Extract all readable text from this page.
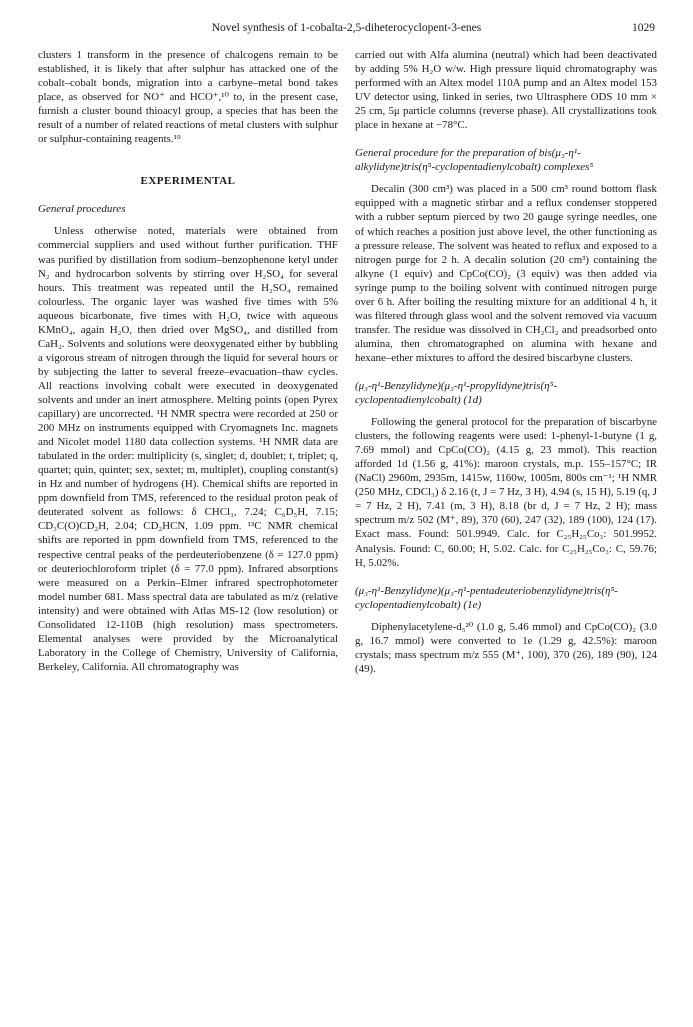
Novel synthesis of 1-cobalta-2,5-diheterocyclopent-3-enes	1029

clusters 1 transform in the presence of chalcogens remain to be established, it is likely that after sulphur has attacked one of the cobalt–cobalt bonds, migration into a carbyne–metal bond takes place, as observed for NO⁺ and HCO⁺,¹⁰ to, in the present case, furnish a cluster bound thioacyl group, a species that has been the result of a number of related reactions of metal clusters with sulphur or sulphur-containing reagents.¹⁹

EXPERIMENTAL
General procedures

Unless otherwise noted, materials were obtained from commercial suppliers and used without further purification. THF was purified by distillation from sodium–benzophenone ketyl under N₂ and hydrocarbon solvents by stirring over H₂SO₄ for several hours. This treatment was repeated until the H₂SO₄ remained colourless. The organic layer was washed five times with 5% aqueous bicarbonate, five times with H₂O, twice with aqueous KMnO₄, again H₂O, then dried over MgSO₄, and distilled from CaH₂. Solvents and solutions were deoxygenated either by bubbling a vigorous stream of nitrogen through the liquid for several hours or by subjecting the latter to several freeze–evacuation–thaw cycles. All reactions involving cobalt were executed in deoxygenated solvents and under an inert atmosphere. Melting points (open Pyrex capillary) are uncorrected. ¹H NMR spectra were recorded at 250 or 200 MHz on instruments equipped with Cryomagnets Inc. magnets and Nicolet model 1180 data collection systems. ¹H NMR data are tabulated in the order: multiplicity (s, singlet; d, doublet; t, triplet; q, quartet; quin, quintet; sex, sextet; m, multiplet), coupling constant(s) in Hz and number of hydrogens (H). Chemical shifts are reported in ppm downfield from TMS, referenced to the residual proton peak of deuterated solvent as follows: δ CHCl₃, 7.24; C₆D₅H, 7.15; CD₃C(O)CD₂H, 2.04; CD₂HCN, 1.09 ppm. ¹³C NMR chemical shifts are reported in ppm downfield from TMS, referenced to the respective central peaks of the perdeuteriobenzene (δ = 127.0 ppm) or deuteriochloroform triplet (δ = 77.0 ppm). Infrared absorptions were measured on a Perkin–Elmer infrared spectrophotometer model number 681. Mass spectral data are tabulated as m/z (relative intensity) and were obtained with Atlas MS-12 (low resolution) or Consolidated 12-110B (high resolution) mass spectrometers. Elemental analyses were provided by the Microanalytical Laboratory in the College of Chemistry, University of California, Berkeley, California. All chromatography was

carried out with Alfa alumina (neutral) which had been deactivated by adding 5% H₂O w/w. High pressure liquid chromatography was performed with an Altex model 110A pump and an Altex model 153 UV detector using, linked in series, two Ultrasphere ODS 10 mm × 25 cm, 5μ particle columns (reverse phase). All crystallizations took place in hexane at −78°C.

General procedure for the preparation of bis(μ₃-η¹-alkylidyne)tris(η⁵-cyclopentadienylcobalt) complexes⁵

Decalin (300 cm³) was placed in a 500 cm³ round bottom flask equipped with a magnetic stirbar and a reflux condenser stoppered with a rubber septum pierced by two 20 gauge syringe needles, one of which reaches a position just above level, the other functioning as a pressure release. The solvent was heated to reflux and exposed to a nitrogen purge for 2 h. A decalin solution (20 cm³) containing the alkyne (1 equiv) and CpCo(CO)₂ (3 equiv) was then added via syringe pump to the boiling solvent with continued nitrogen purge over 6 h. After boiling the resulting mixture for an additional 4 h, it was filtered through glass wool and the solvent removed via vacuum transfer. The residue was dissolved in CH₂Cl₂ and preadsorbed onto alumina, then chromatographed on alumina with hexane and hexane–ether mixtures to afford the desired biscarbyne clusters.

(μ₃-η¹-Benzylidyne)(μ₃-η¹-propylidyne)tris(η⁵-cyclopentadienylcobalt) (1d)

Following the general protocol for the preparation of biscarbyne clusters, the following reagents were used: 1-phenyl-1-butyne (1 g, 7.69 mmol) and CpCo(CO)₂ (4.15 g, 23 mmol). This reaction afforded 1d (1.56 g, 41%): maroon crystals, m.p. 155–157°C; IR (NaCl) 2960m, 2935m, 1415w, 1160w, 1005m, 800s cm⁻¹; ¹H NMR (250 MHz, CDCl₃) δ 2.16 (t, J = 7 Hz, 3 H), 4.94 (s, 15 H), 5.19 (q, J = 7 Hz, 2 H), 7.41 (m, 3 H), 8.18 (br d, J = 7 Hz, 2 H); mass spectrum m/z 502 (M⁺, 89), 370 (60), 247 (32), 189 (100), 124 (17). Exact mass. Found: 501.9949. Calc. for C₂₅H₂₅Co₃: 501.9952. Analysis. Found: C, 60.00; H, 5.02. Calc. for C₂₅H₂₅Co₃: C, 59.76; H, 5.02%.

(μ₃-η¹-Benzylidyne)(μ₃-η¹-pentadeuteriobenzylidyne)tris(η⁵-cyclopentadienylcobalt) (1e)

Diphenylacetylene-d₅²⁰ (1.0 g, 5.46 mmol) and CpCo(CO)₂ (3.0 g, 16.7 mmol) were converted to 1e (1.29 g, 42.5%): maroon crystals; mass spectrum m/z 555 (M⁺, 100), 370 (26), 189 (90), 124 (49).
